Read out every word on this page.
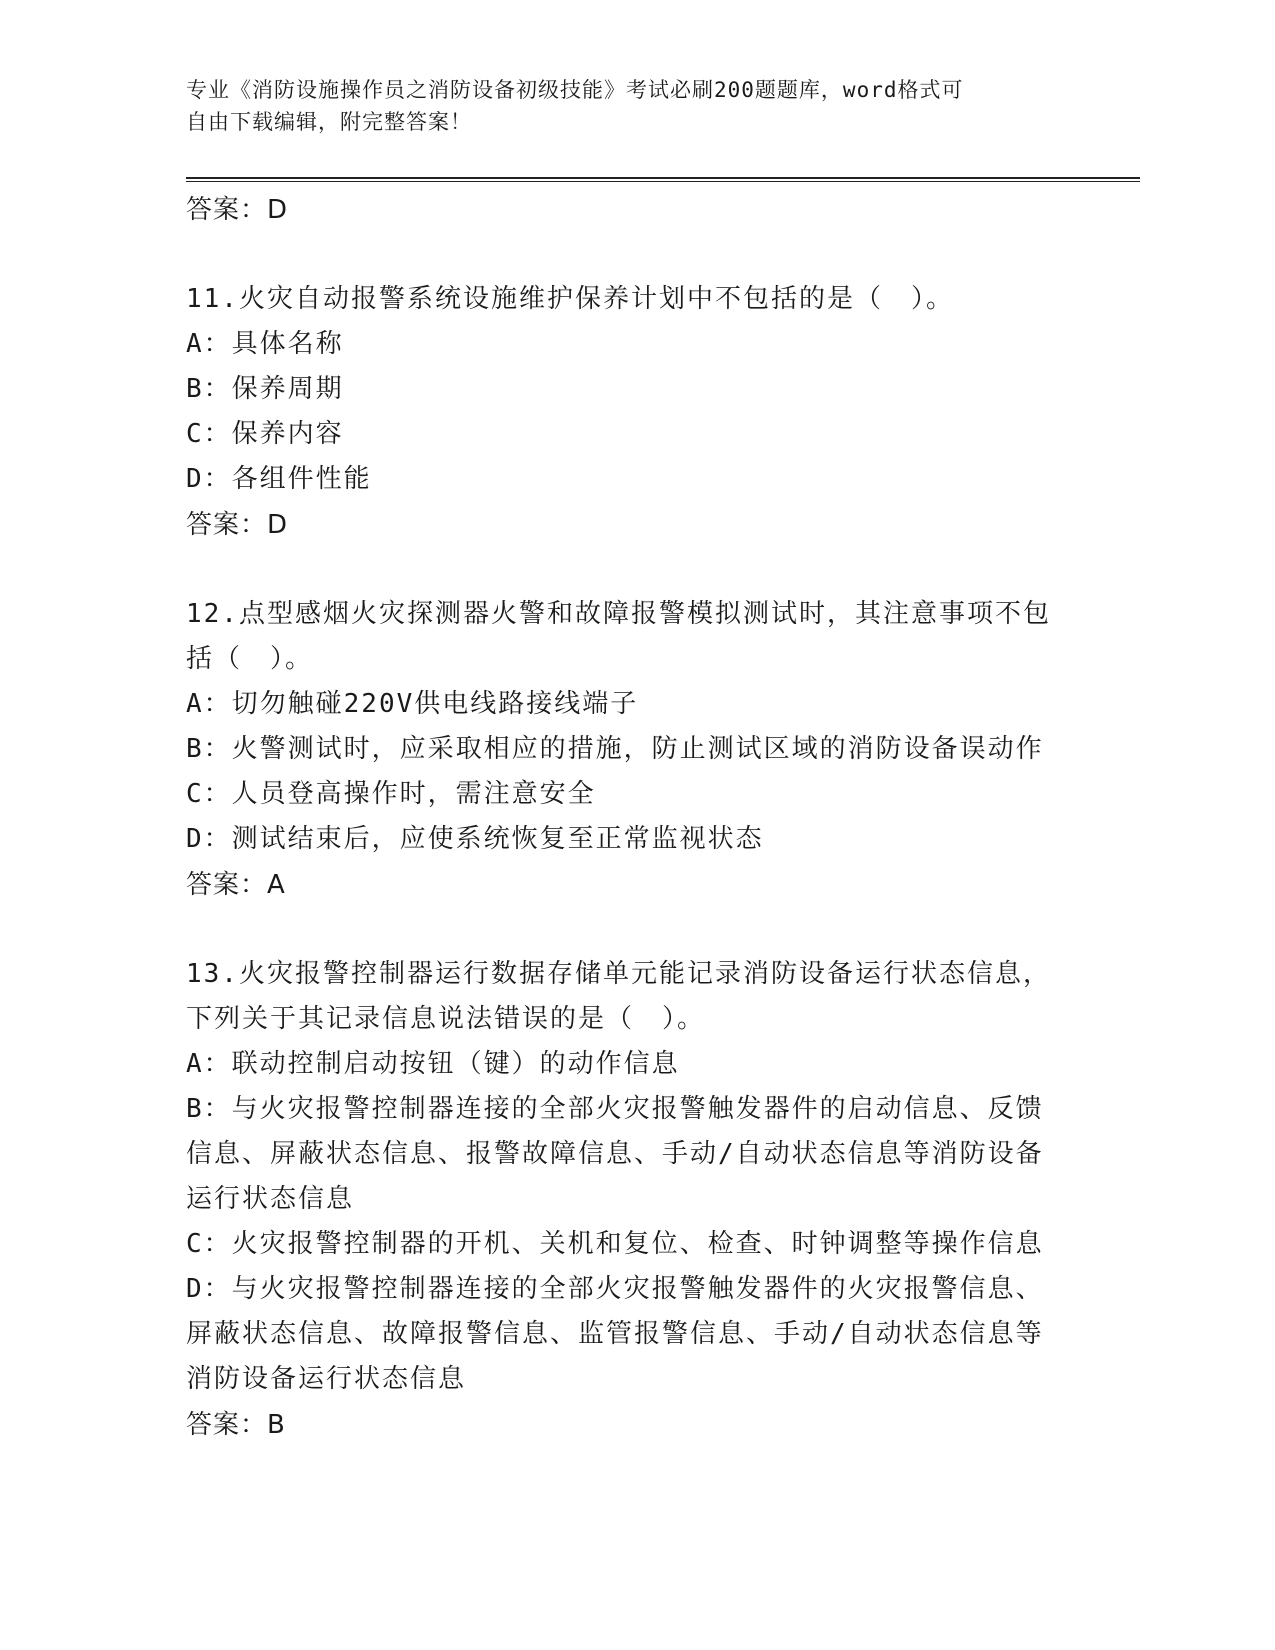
专业《消防设施操作员之消防设备初级技能》考试必刷200题题库，word格式可
自由下载编辑，附完整答案！
答案：D
11.火灾自动报警系统设施维护保养计划中不包括的是（　）。
A：具体名称
B：保养周期
C：保养内容
D：各组件性能
答案：D
12.点型感烟火灾探测器火警和故障报警模拟测试时，其注意事项不包
括（　）。
A：切勿触碰220V供电线路接线端子
B：火警测试时，应采取相应的措施，防止测试区域的消防设备误动作
C：人员登高操作时，需注意安全
D：测试结束后，应使系统恢复至正常监视状态
答案：A
13.火灾报警控制器运行数据存储单元能记录消防设备运行状态信息，
下列关于其记录信息说法错误的是（　）。
A：联动控制启动按钮（键）的动作信息
B：与火灾报警控制器连接的全部火灾报警触发器件的启动信息、反馈
信息、屏蔽状态信息、报警故障信息、手动/自动状态信息等消防设备
运行状态信息
C：火灾报警控制器的开机、关机和复位、检查、时钟调整等操作信息
D：与火灾报警控制器连接的全部火灾报警触发器件的火灾报警信息、
屏蔽状态信息、故障报警信息、监管报警信息、手动/自动状态信息等
消防设备运行状态信息
答案：B
